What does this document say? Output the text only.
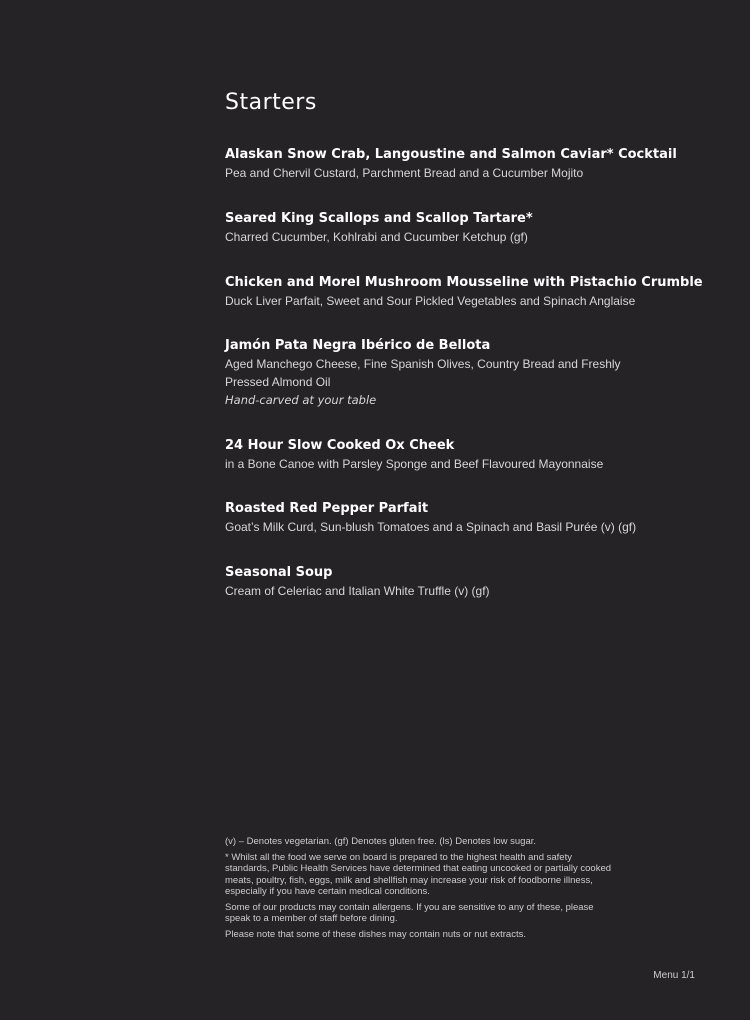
Starters

Alaskan Snow Crab, Langoustine and Salmon Caviar* Cocktail

Pea and Chervil Custard, Parchment Bread and a Cucumber Mojito

Seared King Scallops and Scallop Tartare*

Charred Cucumber, Kohlrabi and Cucumber Ketchup (gf)

Chicken and Morel Mushroom Mousseline with Pistachio Crumble

Duck Liver Parfait, Sweet and Sour Pickled Vegetables and Spinach Anglaise

Jamón Pata Negra Ibérico de Bellota

Aged Manchego Cheese, Fine Spanish Olives, Country Bread and Freshly Pressed Almond Oil

Hand-carved at your table

24 Hour Slow Cooked Ox Cheek

in a Bone Canoe with Parsley Sponge and Beef Flavoured Mayonnaise

Roasted Red Pepper Parfait

Goat’s Milk Curd, Sun-blush Tomatoes and a Spinach and Basil Purée (v) (gf)

Seasonal Soup

Cream of Celeriac and Italian White Truffle (v) (gf)

(v) – Denotes vegetarian. (gf) Denotes gluten free. (ls) Denotes low sugar.

* Whilst all the food we serve on board is prepared to the highest health and safety standards, Public Health Services have determined that eating uncooked or partially cooked meats, poultry, fish, eggs, milk and shellfish may increase your risk of foodborne illness, especially if you have certain medical conditions.

Some of our products may contain allergens. If you are sensitive to any of these, please speak to a member of staff before dining.

Please note that some of these dishes may contain nuts or nut extracts.

Menu 1/1
